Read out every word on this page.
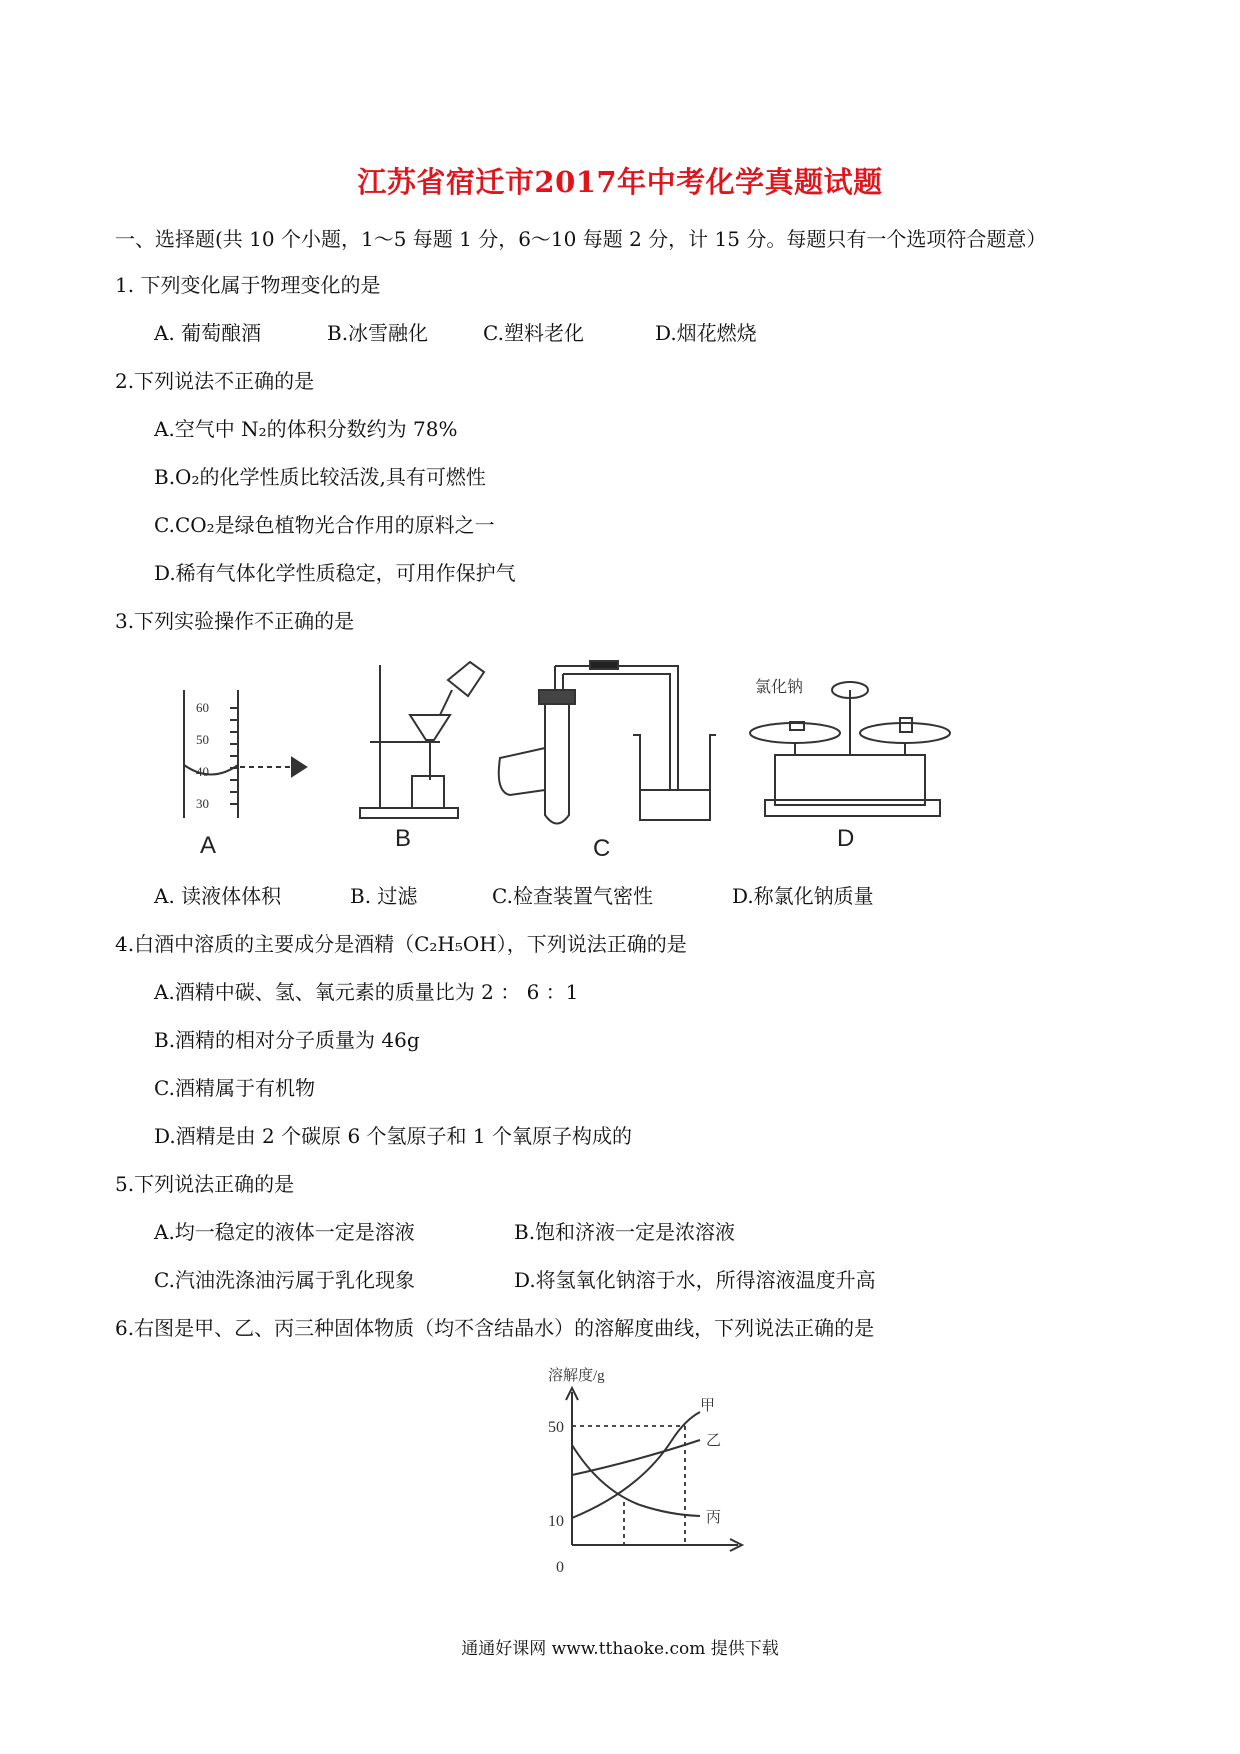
江苏省宿迁市2017年中考化学真题试题
一、选择题(共 10 个小题，1～5 每题 1 分，6～10 每题 2 分，计 15 分。每题只有一个选项符合题意）
1. 下列变化属于物理变化的是
A. 葡萄酿酒	B.冰雪融化	C.塑料老化	D.烟花燃烧
2.下列说法不正确的是
A.空气中 N₂的体积分数约为 78%
B.O₂的化学性质比较活泼,具有可燃性
C.CO₂是绿色植物光合作用的原料之一
D.稀有气体化学性质稳定，可用作保护气
3.下列实验操作不正确的是
60
50
40
30
氯化钠
A	B	C	D
A. 读液体体积	B. 过滤	C.检查装置气密性	D.称氯化钠质量
4.白酒中溶质的主要成分是酒精（C₂H₅OH），下列说法正确的是
A.酒精中碳、氢、氧元素的质量比为 2 ： 6 ：1
B.酒精的相对分子质量为 46g
C.酒精属于有机物
D.酒精是由 2 个碳原 6 个氢原子和 1 个氧原子构成的
5.下列说法正确的是
A.均一稳定的液体一定是溶液	B.饱和济液一定是浓溶液
C.汽油洗涤油污属于乳化现象	D.将氢氧化钠溶于水，所得溶液温度升高
6.右图是甲、乙、丙三种固体物质（均不含结晶水）的溶解度曲线，下列说法正确的是
溶解度/g
50
10
0
甲
乙
丙
通通好课网 www.tthaoke.com 提供下载
